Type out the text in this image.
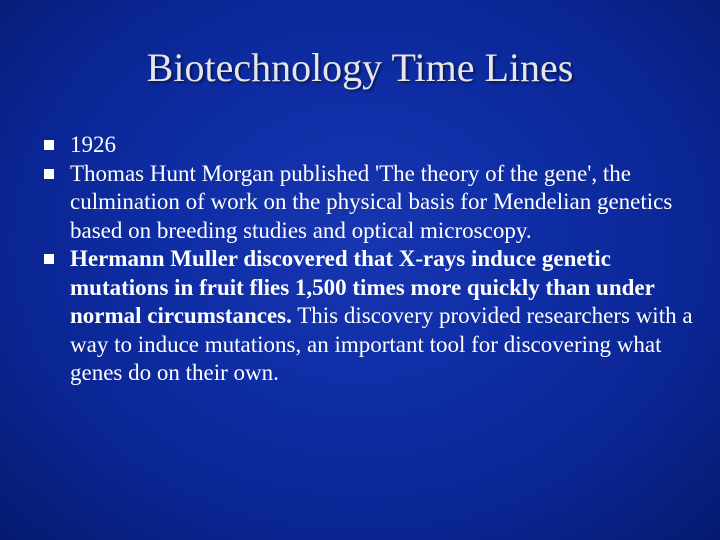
Biotechnology Time Lines
1926
Thomas Hunt Morgan published 'The theory of the gene', the culmination of work on the physical basis for Mendelian genetics based on breeding studies and optical microscopy.
Hermann Muller discovered that X-rays induce genetic mutations in fruit flies 1,500 times more quickly than under normal circumstances. This discovery provided researchers with a way to induce mutations, an important tool for discovering what genes do on their own.
